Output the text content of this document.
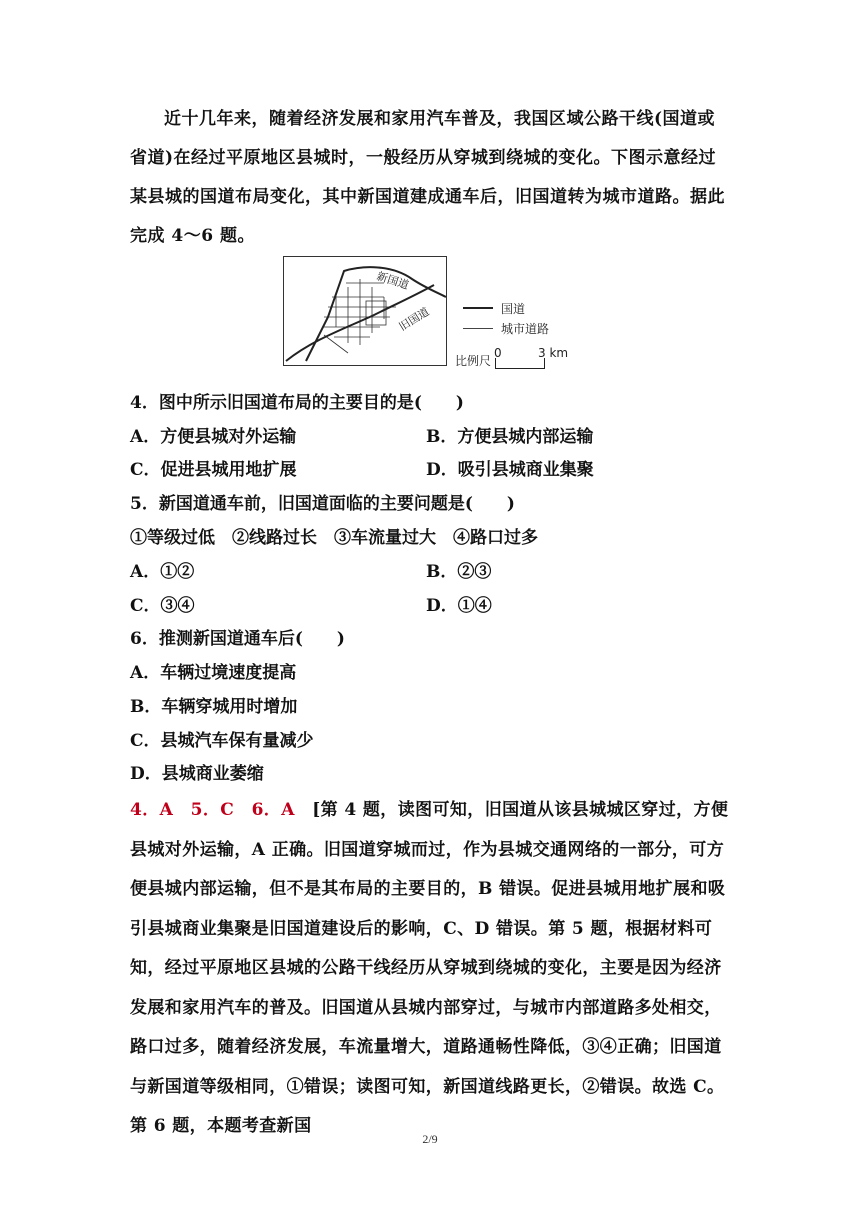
近十几年来，随着经济发展和家用汽车普及，我国区域公路干线(国道或省道)在经过平原地区县城时，一般经历从穿城到绕城的变化。下图示意经过某县城的国道布局变化，其中新国道建成通车后，旧国道转为城市道路。据此完成 4～6 题。
新国道
旧国道	国道
城市道路
比例尺
0	3 km
4．图中所示旧国道布局的主要目的是(　　)
A．方便县城对外运输	B．方便县城内部运输
C．促进县城用地扩展	D．吸引县城商业集聚
5．新国道通车前，旧国道面临的主要问题是(　　)
①等级过低　②线路过长　③车流量过大　④路口过多
A．①②	B．②③
C．③④	D．①④
6．推测新国道通车后(　　)
A．车辆过境速度提高
B．车辆穿城用时增加
C．县城汽车保有量减少
D．县城商业萎缩
4．A　5．C　6．A　[第 4 题，读图可知，旧国道从该县城城区穿过，方便县城对外运输，A 正确。旧国道穿城而过，作为县城交通网络的一部分，可方便县城内部运输，但不是其布局的主要目的，B 错误。促进县城用地扩展和吸引县城商业集聚是旧国道建设后的影响，C、D 错误。第 5 题，根据材料可知，经过平原地区县城的公路干线经历从穿城到绕城的变化，主要是因为经济发展和家用汽车的普及。旧国道从县城内部穿过，与城市内部道路多处相交，路口过多，随着经济发展，车流量增大，道路通畅性降低，③④正确；旧国道与新国道等级相同，①错误；读图可知，新国道线路更长，②错误。故选 C。第 6 题，本题考查新国
2/9
